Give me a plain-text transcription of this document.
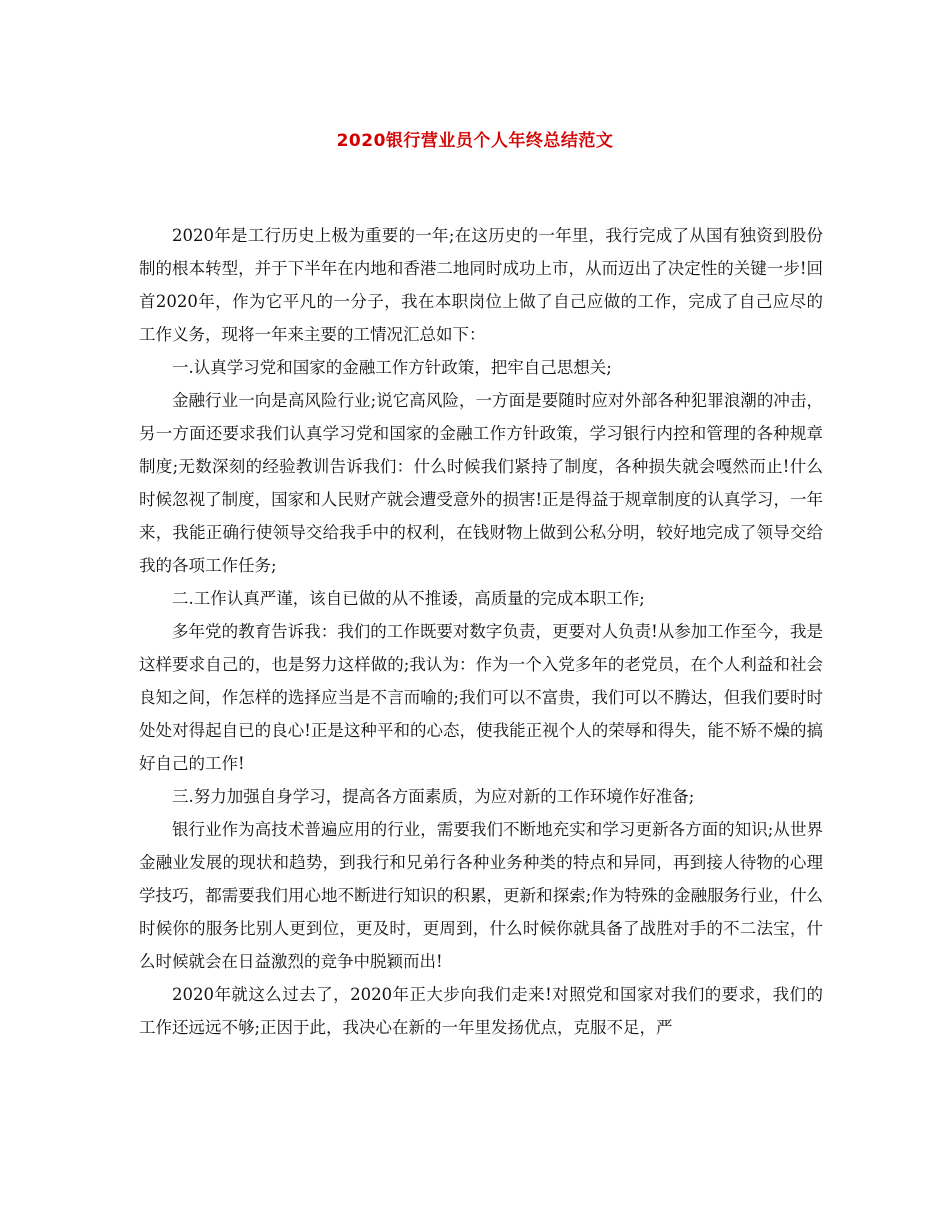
2020银行营业员个人年终总结范文

2020年是工行历史上极为重要的一年;在这历史的一年里，我行完成了从国有独资到股份制的根本转型，并于下半年在内地和香港二地同时成功上市，从而迈出了决定性的关键一步!回首2020年，作为它平凡的一分子，我在本职岗位上做了自己应做的工作，完成了自己应尽的工作义务，现将一年来主要的工情况汇总如下：

一.认真学习党和国家的金融工作方针政策，把牢自己思想关;

金融行业一向是高风险行业;说它高风险，一方面是要随时应对外部各种犯罪浪潮的冲击，另一方面还要求我们认真学习党和国家的金融工作方针政策，学习银行内控和管理的各种规章制度;无数深刻的经验教训告诉我们：什么时候我们紧持了制度，各种损失就会嘎然而止!什么时候忽视了制度，国家和人民财产就会遭受意外的损害!正是得益于规章制度的认真学习，一年来，我能正确行使领导交给我手中的权利，在钱财物上做到公私分明，较好地完成了领导交给我的各项工作任务;

二.工作认真严谨，该自已做的从不推诿，高质量的完成本职工作;

多年党的教育告诉我：我们的工作既要对数字负责，更要对人负责!从参加工作至今，我是这样要求自己的，也是努力这样做的;我认为：作为一个入党多年的老党员，在个人利益和社会良知之间，作怎样的选择应当是不言而喻的;我们可以不富贵，我们可以不腾达，但我们要时时处处对得起自已的良心!正是这种平和的心态，使我能正视个人的荣辱和得失，能不矫不燥的搞好自己的工作!

三.努力加强自身学习，提高各方面素质，为应对新的工作环境作好准备;

银行业作为高技术普遍应用的行业，需要我们不断地充实和学习更新各方面的知识;从世界金融业发展的现状和趋势，到我行和兄弟行各种业务种类的特点和异同，再到接人待物的心理学技巧，都需要我们用心地不断进行知识的积累，更新和探索;作为特殊的金融服务行业，什么时候你的服务比别人更到位，更及时，更周到，什么时候你就具备了战胜对手的不二法宝，什么时候就会在日益激烈的竞争中脱颖而出!

2020年就这么过去了，2020年正大步向我们走来!对照党和国家对我们的要求，我们的工作还远远不够;正因于此，我决心在新的一年里发扬优点，克服不足，严
